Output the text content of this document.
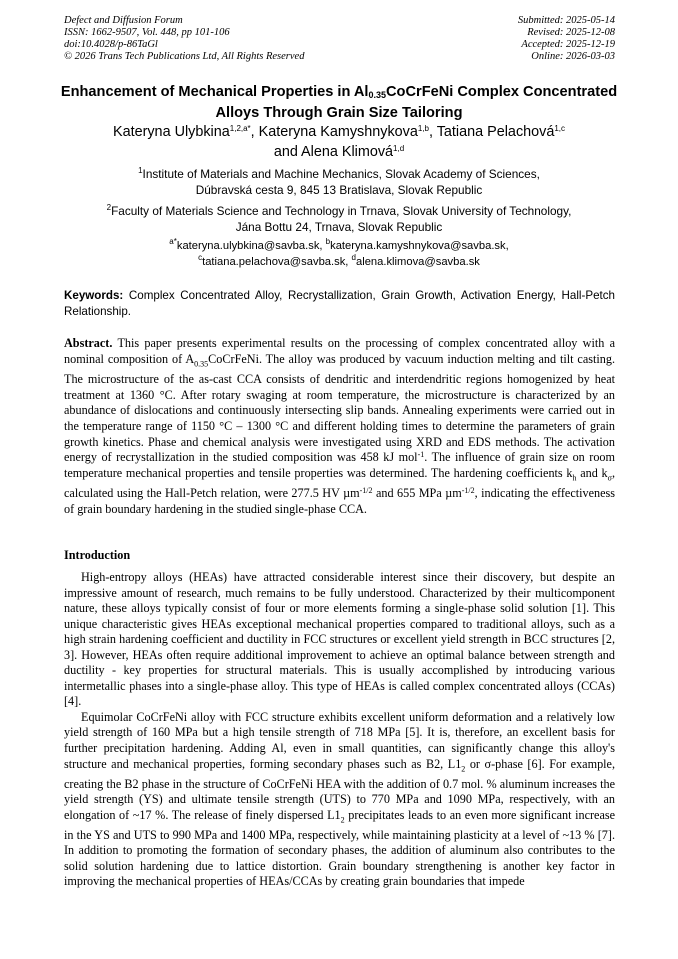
Defect and Diffusion Forum
ISSN: 1662-9507, Vol. 448, pp 101-106
doi:10.4028/p-86TaGl
© 2026 Trans Tech Publications Ltd, All Rights Reserved
Submitted: 2025-05-14
Revised: 2025-12-08
Accepted: 2025-12-19
Online: 2026-03-03
Enhancement of Mechanical Properties in $Al_{0.35}CoCrFeNi$ Complex Concentrated Alloys Through Grain Size Tailoring
Kateryna Ulybkina$^{1,2,a*}$, Kateryna Kamyshnykova$^{1,b}$, Tatiana Pelachová$^{1,c}$
and Alena Klimová$^{1,d}$
$^1$Institute of Materials and Machine Mechanics, Slovak Academy of Sciences,
Dúbravská cesta 9, 845 13 Bratislava, Slovak Republic
$^2$Faculty of Materials Science and Technology in Trnava, Slovak University of Technology,
Jána Bottu 24, Trnava, Slovak Republic
$^{a*}$kateryna.ulybkina@savba.sk, $^b$kateryna.kamyshnykova@savba.sk,
$^c$tatiana.pelachova@savba.sk, $^d$alena.klimova@savba.sk
Keywords: Complex Concentrated Alloy, Recrystallization, Grain Growth, Activation Energy, Hall-Petch Relationship.
Abstract. This paper presents experimental results on the processing of complex concentrated alloy with a nominal composition of $A_{0.35}CoCrFeNi$. The alloy was produced by vacuum induction melting and tilt casting. The microstructure of the as-cast CCA consists of dendritic and interdendritic regions homogenized by heat treatment at 1360 °C. After rotary swaging at room temperature, the microstructure is characterized by an abundance of dislocations and continuously intersecting slip bands. Annealing experiments were carried out in the temperature range of 1150 °C – 1300 °C and different holding times to determine the parameters of grain growth kinetics. Phase and chemical analysis were investigated using XRD and EDS methods. The activation energy of recrystallization in the studied composition was 458 kJ mol$^{-1}$. The influence of grain size on room temperature mechanical properties and tensile properties was determined. The hardening coefficients $k_h$ and $k_\sigma$, calculated using the Hall-Petch relation, were 277.5 HV µm$^{-1/2}$ and 655 MPa µm$^{-1/2}$, indicating the effectiveness of grain boundary hardening in the studied single-phase CCA.
Introduction

High-entropy alloys (HEAs) have attracted considerable interest since their discovery, but despite an impressive amount of research, much remains to be fully understood. Characterized by their multicomponent nature, these alloys typically consist of four or more elements forming a single-phase solid solution [1]. This unique characteristic gives HEAs exceptional mechanical properties compared to traditional alloys, such as a high strain hardening coefficient and ductility in FCC structures or excellent yield strength in BCC structures [2, 3]. However, HEAs often require additional improvement to achieve an optimal balance between strength and ductility - key properties for structural materials. This is usually accomplished by introducing various intermetallic phases into a single-phase alloy. This type of HEAs is called complex concentrated alloys (CCAs) [4].

Equimolar CoCrFeNi alloy with FCC structure exhibits excellent uniform deformation and a relatively low yield strength of 160 MPa but a high tensile strength of 718 MPa [5]. It is, therefore, an excellent basis for further precipitation hardening. Adding Al, even in small quantities, can significantly change this alloy's structure and mechanical properties, forming secondary phases such as B2, $L1_2$ or σ-phase [6]. For example, creating the B2 phase in the structure of CoCrFeNi HEA with the addition of 0.7 mol. % aluminum increases the yield strength (YS) and ultimate tensile strength (UTS) to 770 MPa and 1090 MPa, respectively, with an elongation of ~17 %. The release of finely dispersed $L1_2$ precipitates leads to an even more significant increase in the YS and UTS to 990 MPa and 1400 MPa, respectively, while maintaining plasticity at a level of ~13 % [7]. In addition to promoting the formation of secondary phases, the addition of aluminum also contributes to the solid solution hardening due to lattice distortion. Grain boundary strengthening is another key factor in improving the mechanical properties of HEAs/CCAs by creating grain boundaries that impede
